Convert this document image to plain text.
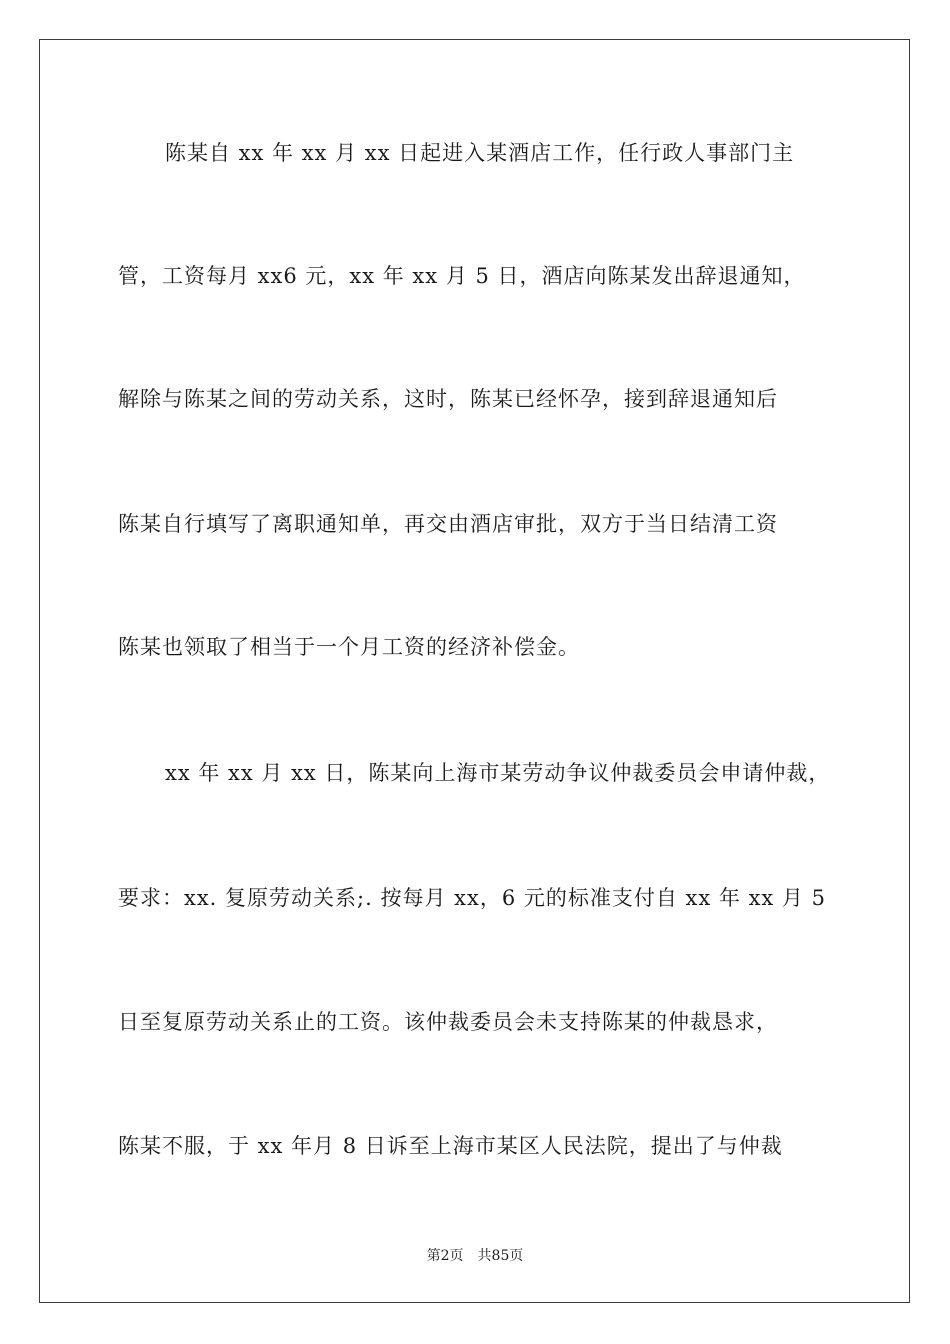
陈某自 xx 年 xx 月 xx 日起进入某酒店工作，任行政人事部门主
管，工资每月 xx6 元，xx 年 xx 月 5 日，酒店向陈某发出辞退通知，
解除与陈某之间的劳动关系，这时，陈某已经怀孕，接到辞退通知后
陈某自行填写了离职通知单，再交由酒店审批，双方于当日结清工资
陈某也领取了相当于一个月工资的经济补偿金。
xx 年 xx 月 xx 日，陈某向上海市某劳动争议仲裁委员会申请仲裁，
要求：xx. 复原劳动关系;. 按每月 xx，6 元的标准支付自 xx 年 xx 月 5
日至复原劳动关系止的工资。该仲裁委员会未支持陈某的仲裁恳求，
陈某不服，于 xx 年月 8 日诉至上海市某区人民法院，提出了与仲裁
第2页 共85页
